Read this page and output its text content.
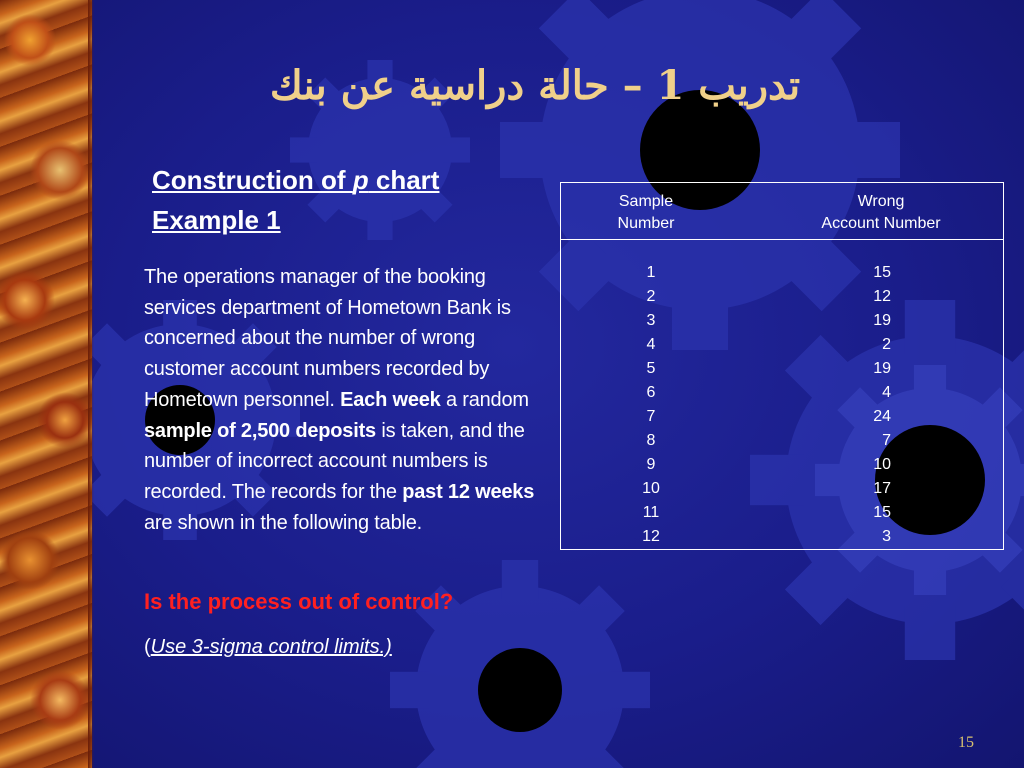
تدريب 1 – حالة دراسية عن بنك
Construction of p chart
Example 1
The operations manager of the booking services department of Hometown Bank is concerned about the number of wrong customer account numbers recorded by Hometown personnel. Each week a random sample of 2,500 deposits is taken, and the number of incorrect account numbers is recorded. The records for the past 12 weeks are shown in the following table.
Is the process out of control?
(Use 3-sigma control limits.)
Sample
Number
Wrong
Account Number
1
2
3
4
5
6
7
8
9
10
11
12
15
12
19
2
19
4
24
7
10
17
15
3
15
